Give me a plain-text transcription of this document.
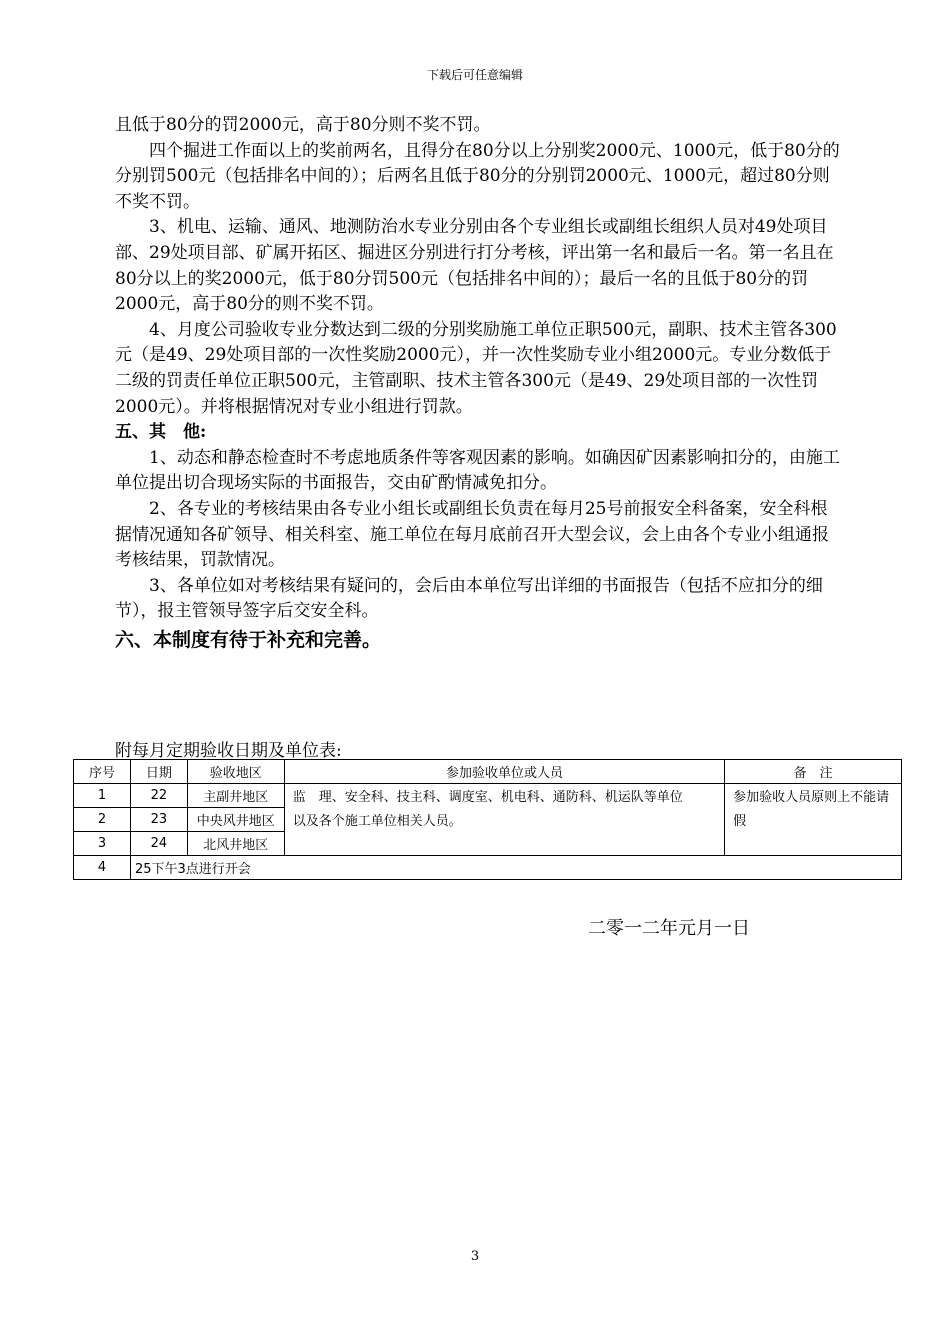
下载后可任意编辑

且低于80分的罚2000元，高于80分则不奖不罚。

四个掘进工作面以上的奖前两名，且得分在80分以上分别奖2000元、1000元，低于80分的分别罚500元（包括排名中间的）；后两名且低于80分的分别罚2000元、1000元，超过80分则不奖不罚。

3、机电、运输、通风、地测防治水专业分别由各个专业组长或副组长组织人员对49处项目部、29处项目部、矿属开拓区、掘进区分别进行打分考核，评出第一名和最后一名。第一名且在80分以上的奖2000元，低于80分罚500元（包括排名中间的）；最后一名的且低于80分的罚2000元，高于80分的则不奖不罚。

4、月度公司验收专业分数达到二级的分别奖励施工单位正职500元，副职、技术主管各300元（是49、29处项目部的一次性奖励2000元），并一次性奖励专业小组2000元。专业分数低于二级的罚责任单位正职500元，主管副职、技术主管各300元（是49、29处项目部的一次性罚2000元）。并将根据情况对专业小组进行罚款。

五、其　他:

1、动态和静态检查时不考虑地质条件等客观因素的影响。如确因矿因素影响扣分的，由施工单位提出切合现场实际的书面报告，交由矿酌情减免扣分。

2、各专业的考核结果由各专业小组长或副组长负责在每月25号前报安全科备案，安全科根据情况通知各矿领导、相关科室、施工单位在每月底前召开大型会议，会上由各个专业小组通报考核结果，罚款情况。

3、各单位如对考核结果有疑问的，会后由本单位写出详细的书面报告（包括不应扣分的细节），报主管领导签字后交安全科。

六、本制度有待于补充和完善。

附每月定期验收日期及单位表:
序号	日期	验收地区	参加验收单位或人员	备　注
1	22	主副井地区	监　理、安全科、技主科、调度室、机电科、通防科、机运队等单位以及各个施工单位相关人员。	参加验收人员原则上不能请假
2	23	中央风井地区		
3	24	北风井地区		
4	25下午3点进行开会			
二零一二年元月一日
3
